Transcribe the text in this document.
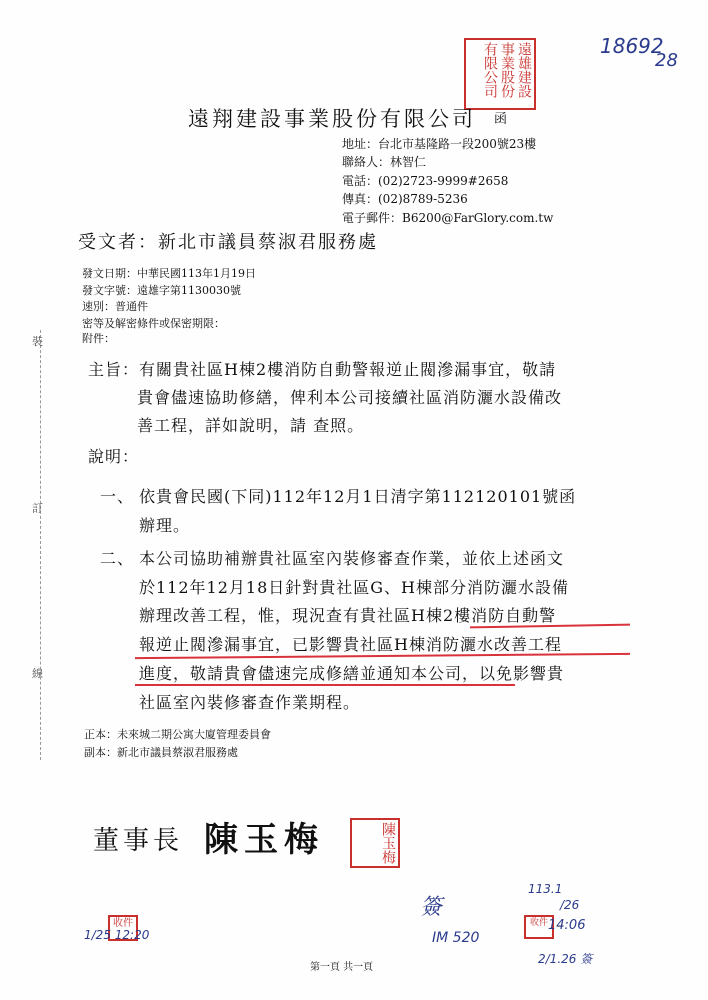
裝
訂
線
18692
28
遠雄建設事業股份有限公司
遠翔建設事業股份有限公司 函
地址：台北市基隆路一段200號23樓
聯絡人：林智仁
電話：(02)2723-9999#2658
傳真：(02)8789-5236
電子郵件：B6200@FarGlory.com.tw
受文者：新北市議員蔡淑君服務處
發文日期：中華民國113年1月19日
發文字號：遠雄字第1130030號
速別：普通件
密等及解密條件或保密期限：
附件：
主旨：有關貴社區H棟2樓消防自動警報逆止閥滲漏事宜，敬請
貴會儘速協助修繕，俾利本公司接續社區消防灑水設備改
善工程，詳如說明，請 查照。
說明：
一、 依貴會民國(下同)112年12月1日清字第112120101號函
辦理。
二、 本公司協助補辦貴社區室內裝修審查作業，並依上述函文
於112年12月18日針對貴社區G、H棟部分消防灑水設備
辦理改善工程，惟，現況查有貴社區H棟2樓消防自動警
報逆止閥滲漏事宜，已影響貴社區H棟消防灑水改善工程
進度，敬請貴會儘速完成修繕並通知本公司，以免影響貴
社區室內裝修審查作業期程。
正本：未來城二期公寓大廈管理委員會
副本：新北市議員蔡淑君服務處
董事長 陳玉梅	陳玉梅
收件
1/25 12:20
簽
IM 520
收件
113.1
/26
14:06
2/1.26 簽
第一頁 共一頁
